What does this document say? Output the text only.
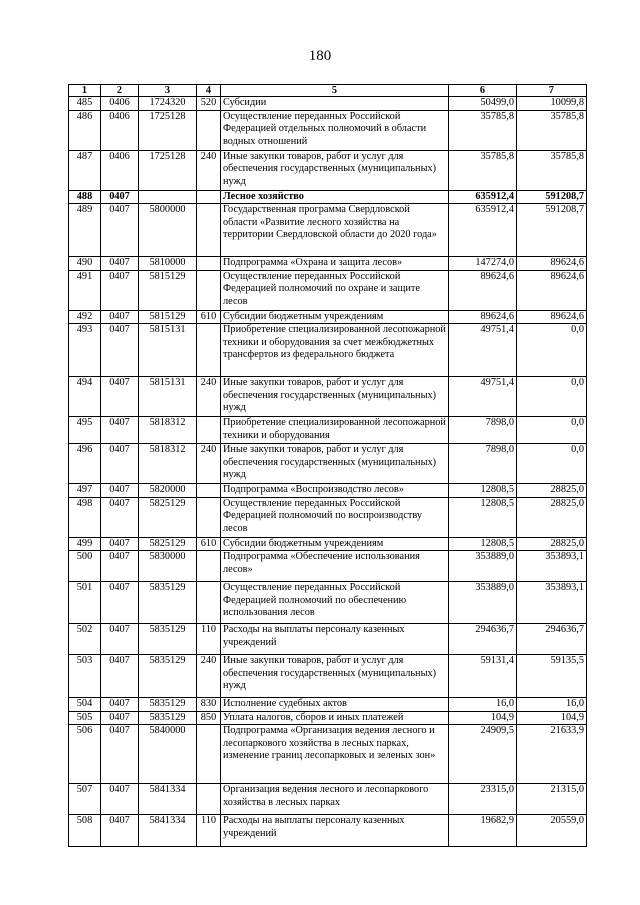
180
1	2	3	4	5	6	7
485	0406	1724320	520	Субсидии	50499,0	10099,8
486	0406	1725128		Осуществление переданных Российской Федерацией отдельных полномочий в области водных отношений	35785,8	35785,8
487	0406	1725128	240	Иные закупки товаров, работ и услуг для обеспечения государственных (муниципальных) нужд	35785,8	35785,8
488	0407			Лесное хозяйство	635912,4	591208,7
489	0407	5800000		Государственная программа Свердловской области «Развитие лесного хозяйства на территории Свердловской области до 2020 года»	635912,4	591208,7
490	0407	5810000		Подпрограмма «Охрана и защита лесов»	147274,0	89624,6
491	0407	5815129		Осуществление переданных Российской Федерацией полномочий по охране и защите лесов	89624,6	89624,6
492	0407	5815129	610	Субсидии бюджетным учреждениям	89624,6	89624,6
493	0407	5815131		Приобретение специализированной лесопожарной техники и оборудования за счет межбюджетных трансфертов из федерального бюджета	49751,4	0,0
494	0407	5815131	240	Иные закупки товаров, работ и услуг для обеспечения государственных (муниципальных) нужд	49751,4	0,0
495	0407	5818312		Приобретение специализированной лесопожарной техники и оборудования	7898,0	0,0
496	0407	5818312	240	Иные закупки товаров, работ и услуг для обеспечения государственных (муниципальных) нужд	7898,0	0,0
497	0407	5820000		Подпрограмма «Воспроизводство лесов»	12808,5	28825,0
498	0407	5825129		Осуществление переданных Российской Федерацией полномочий по воспроизводству лесов	12808,5	28825,0
499	0407	5825129	610	Субсидии бюджетным учреждениям	12808,5	28825,0
500	0407	5830000		Подпрограмма «Обеспечение использования лесов»	353889,0	353893,1
501	0407	5835129		Осуществление переданных Российской Федерацией полномочий по обеспечению использования лесов	353889,0	353893,1
502	0407	5835129	110	Расходы на выплаты персоналу казенных учреждений	294636,7	294636,7
503	0407	5835129	240	Иные закупки товаров, работ и услуг для обеспечения государственных (муниципальных) нужд	59131,4	59135,5
504	0407	5835129	830	Исполнение судебных актов	16,0	16,0
505	0407	5835129	850	Уплата налогов, сборов и иных платежей	104,9	104,9
506	0407	5840000		Подпрограмма «Организация ведения лесного и лесопаркового хозяйства в лесных парках, изменение границ лесопарковых и зеленых зон»	24909,5	21633,9
507	0407	5841334		Организация ведения лесного и лесопаркового хозяйства в лесных парках	23315,0	21315,0
508	0407	5841334	110	Расходы на выплаты персоналу казенных учреждений	19682,9	20559,0
